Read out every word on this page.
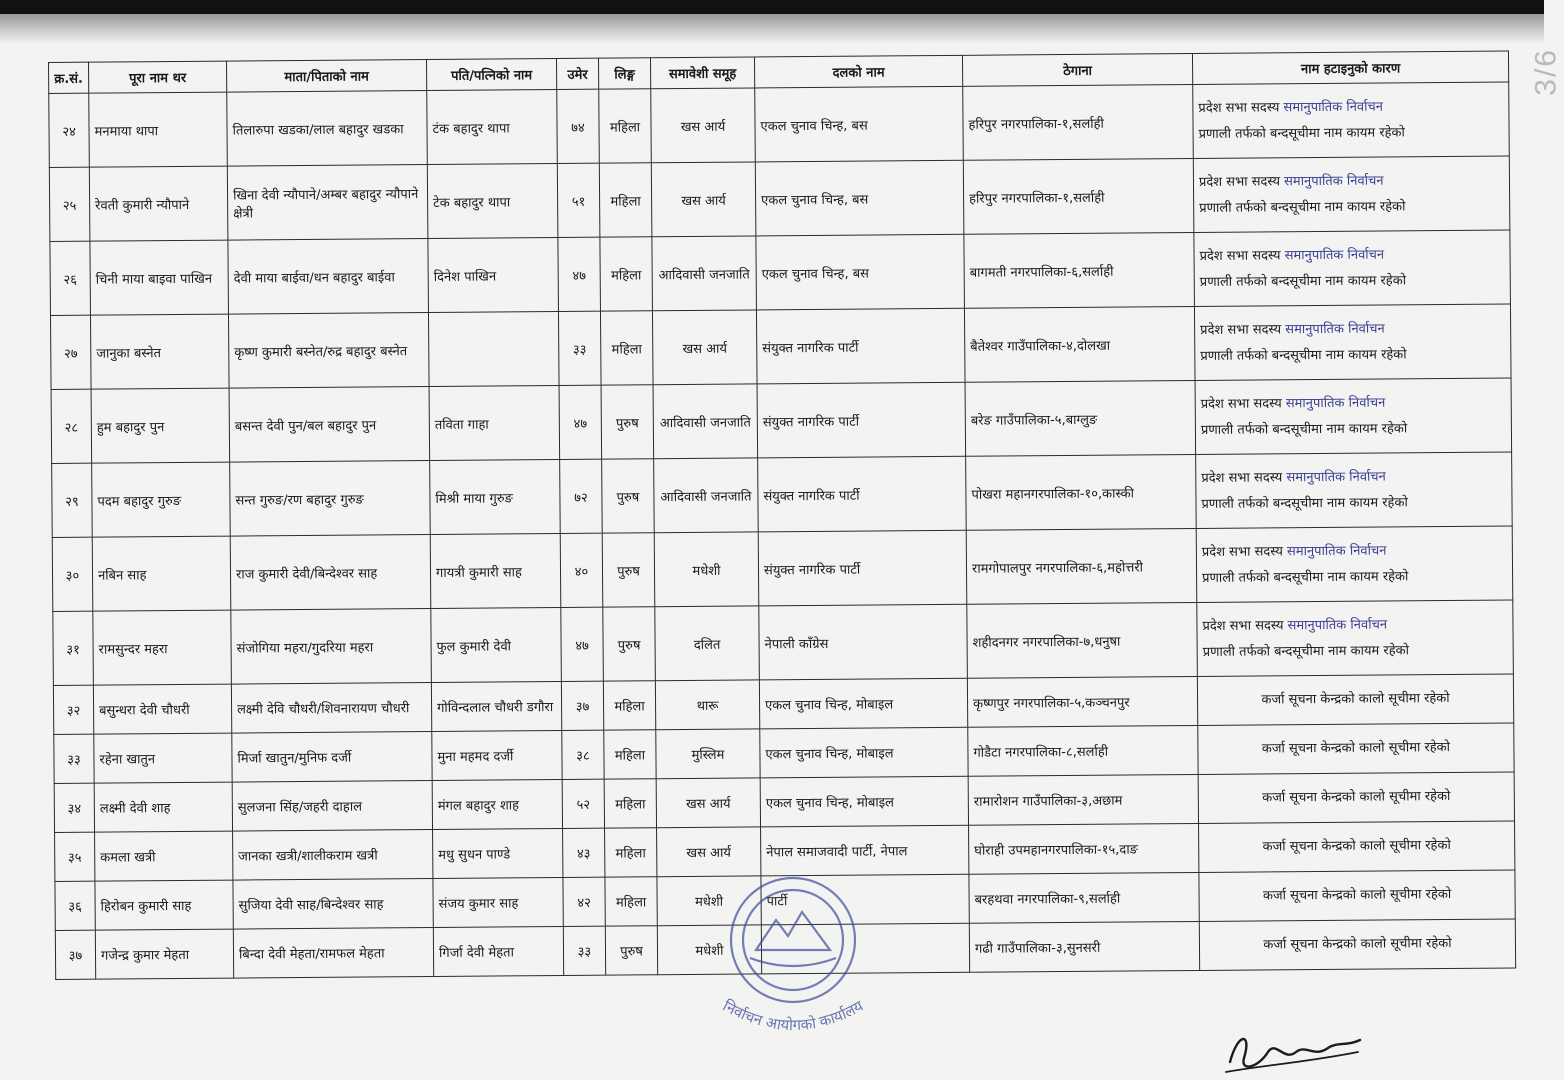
3/6
क्र.सं.	पूरा नाम थर	माता/पिताको नाम	पति/पत्निको नाम	उमेर	लिङ्ग	समावेशी समूह	दलको नाम	ठेगाना	नाम हटाइनुको कारण
२४	मनमाया थापा	तिलारुपा खडका/लाल बहादुर खडका	टंक बहादुर थापा	७४	महिला	खस आर्य	एकल चुनाव चिन्ह, बस	हरिपुर नगरपालिका-१,सर्लाही	प्रदेश सभा सदस्य समानुपातिक निर्वाचन
प्रणाली तर्फको बन्दसूचीमा नाम कायम रहेको
२५	रेवती कुमारी न्यौपाने	खिना देवी न्यौपाने/अम्बर बहादुर न्यौपाने क्षेत्री	टेक बहादुर थापा	५१	महिला	खस आर्य	एकल चुनाव चिन्ह, बस	हरिपुर नगरपालिका-१,सर्लाही	प्रदेश सभा सदस्य समानुपातिक निर्वाचन
प्रणाली तर्फको बन्दसूचीमा नाम कायम रहेको
२६	चिनी माया बाइवा पाखिन	देवी माया बाईवा/धन बहादुर बाईवा	दिनेश पाखिन	४७	महिला	आदिवासी जनजाति	एकल चुनाव चिन्ह, बस	बागमती नगरपालिका-६,सर्लाही	प्रदेश सभा सदस्य समानुपातिक निर्वाचन
प्रणाली तर्फको बन्दसूचीमा नाम कायम रहेको
२७	जानुका बस्नेत	कृष्ण कुमारी बस्नेत/रुद्र बहादुर बस्नेत		३३	महिला	खस आर्य	संयुक्त नागरिक पार्टी	बैतेश्वर गाउँपालिका-४,दोलखा	प्रदेश सभा सदस्य समानुपातिक निर्वाचन
प्रणाली तर्फको बन्दसूचीमा नाम कायम रहेको
२८	हुम बहादुर पुन	बसन्त देवी पुन/बल बहादुर पुन	तविता गाहा	४७	पुरुष	आदिवासी जनजाति	संयुक्त नागरिक पार्टी	बरेङ गाउँपालिका-५,बाग्लुङ	प्रदेश सभा सदस्य समानुपातिक निर्वाचन
प्रणाली तर्फको बन्दसूचीमा नाम कायम रहेको
२९	पदम बहादुर गुरुङ	सन्त गुरुङ/रण बहादुर गुरुङ	मिश्री माया गुरुङ	७२	पुरुष	आदिवासी जनजाति	संयुक्त नागरिक पार्टी	पोखरा महानगरपालिका-१०,कास्की	प्रदेश सभा सदस्य समानुपातिक निर्वाचन
प्रणाली तर्फको बन्दसूचीमा नाम कायम रहेको
३०	नबिन साह	राज कुमारी देवी/बिन्देश्वर साह	गायत्री कुमारी साह	४०	पुरुष	मधेशी	संयुक्त नागरिक पार्टी	रामगोपालपुर नगरपालिका-६,महोत्तरी	प्रदेश सभा सदस्य समानुपातिक निर्वाचन
प्रणाली तर्फको बन्दसूचीमा नाम कायम रहेको
३१	रामसुन्दर महरा	संजोगिया महरा/गुदरिया महरा	फुल कुमारी देवी	४७	पुरुष	दलित	नेपाली काँग्रेस	शहीदनगर नगरपालिका-७,धनुषा	प्रदेश सभा सदस्य समानुपातिक निर्वाचन
प्रणाली तर्फको बन्दसूचीमा नाम कायम रहेको
३२	बसुन्धरा देवी चौधरी	लक्ष्मी देवि चौधरी/शिवनारायण चौधरी	गोविन्दलाल चौधरी डगौरा	३७	महिला	थारू	एकल चुनाव चिन्ह, मोबाइल	कृष्णपुर नगरपालिका-५,कञ्चनपुर	कर्जा सूचना केन्द्रको कालो सूचीमा रहेको
३३	रहेना खातुन	मिर्जा खातुन/मुनिफ दर्जी	मुना महमद दर्जी	३८	महिला	मुस्लिम	एकल चुनाव चिन्ह, मोबाइल	गोडैटा नगरपालिका-८,सर्लाही	कर्जा सूचना केन्द्रको कालो सूचीमा रहेको
३४	लक्ष्मी देवी शाह	सुलजना सिंह/जहरी दाहाल	मंगल बहादुर शाह	५२	महिला	खस आर्य	एकल चुनाव चिन्ह, मोबाइल	रामारोशन गाउँपालिका-३,अछाम	कर्जा सूचना केन्द्रको कालो सूचीमा रहेको
३५	कमला खत्री	जानका खत्री/शालीकराम खत्री	मधु सुधन पाण्डे	४३	महिला	खस आर्य	नेपाल समाजवादी पार्टी, नेपाल	घोराही उपमहानगरपालिका-१५,दाङ	कर्जा सूचना केन्द्रको कालो सूचीमा रहेको
३६	हिरोबन कुमारी साह	सुजिया देवी साह/बिन्देश्वर साह	संजय कुमार साह	४२	महिला	मधेशी	पार्टी	बरहथवा नगरपालिका-९,सर्लाही	कर्जा सूचना केन्द्रको कालो सूचीमा रहेको
३७	गजेन्द्र कुमार मेहता	बिन्दा देवी मेहता/रामफल मेहता	गिर्जा देवी मेहता	३३	पुरुष	मधेशी		गढी गाउँपालिका-३,सुनसरी	कर्जा सूचना केन्द्रको कालो सूचीमा रहेको
निर्वाचन आयोगको कार्यालय
